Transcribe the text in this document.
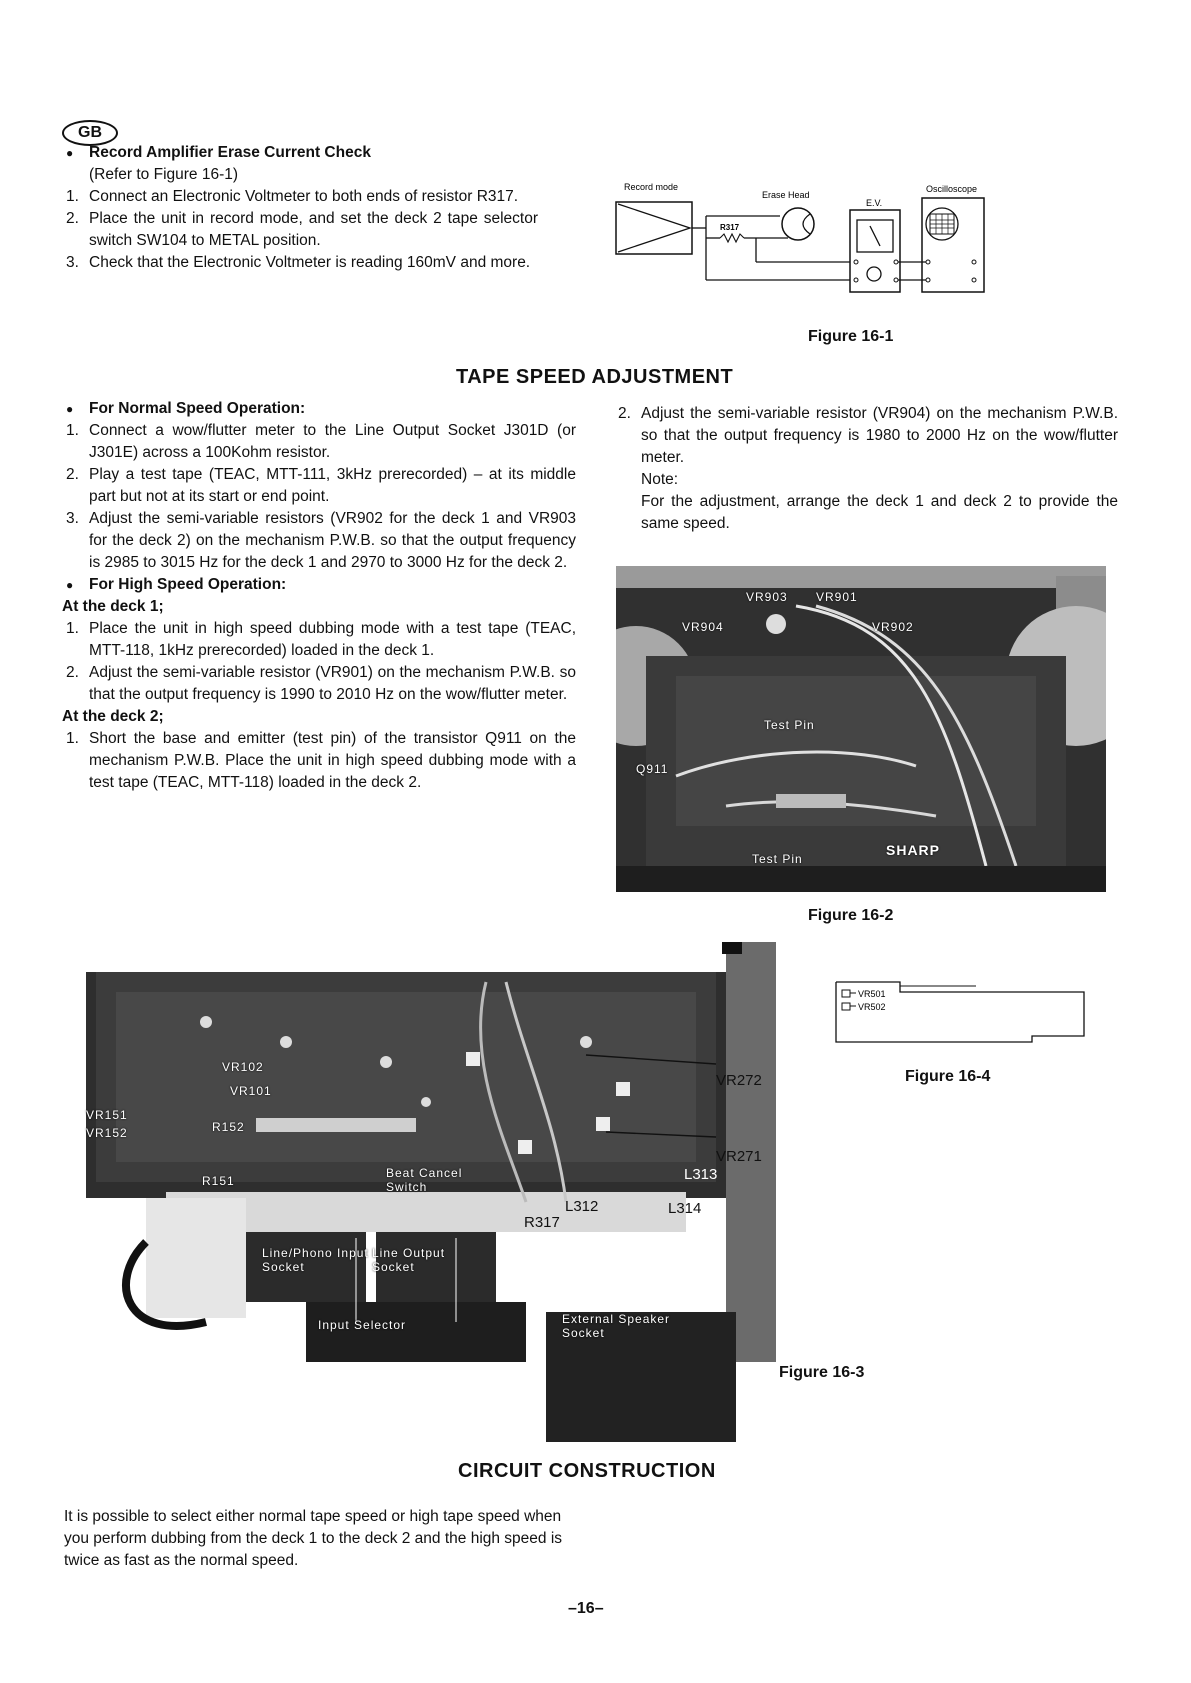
GB
● Record Amplifier Erase Current Check
(Refer to Figure 16-1)
1. Connect an Electronic Voltmeter to both ends of resistor R317.
2. Place the unit in record mode, and set the deck 2 tape selector switch SW104 to METAL position.
3. Check that the Electronic Voltmeter is reading 160mV and more.
Record mode
Erase Head
E.V.
Oscilloscope
R317
Figure 16-1
TAPE SPEED ADJUSTMENT
● For Normal Speed Operation:
1. Connect a wow/flutter meter to the Line Output Socket J301D (or J301E) across a 100Kohm resistor.
2. Play a test tape (TEAC, MTT-111, 3kHz prerecorded) – at its middle part but not at its start or end point.
3. Adjust the semi-variable resistors (VR902 for the deck 1 and VR903 for the deck 2) on the mechanism P.W.B. so that the output frequency is 2985 to 3015 Hz for the deck 1 and 2970 to 3000 Hz for the deck 2.
● For High Speed Operation:
At the deck 1;
1. Place the unit in high speed dubbing mode with a test tape (TEAC, MTT-118, 1kHz prerecorded) loaded in the deck 1.
2. Adjust the semi-variable resistor (VR901) on the mechanism P.W.B. so that the output frequency is 1990 to 2010 Hz on the wow/flutter meter.
At the deck 2;
1. Short the base and emitter (test pin) of the transistor Q911 on the mechanism P.W.B. Place the unit in high speed dubbing mode with a test tape (TEAC, MTT-118) loaded in the deck 2.
2. Adjust the semi-variable resistor (VR904) on the mechanism P.W.B. so that the output frequency is 1980 to 2000 Hz on the wow/flutter meter.
Note:
For the adjustment, arrange the deck 1 and deck 2 to provide the same speed.
VR903 VR901
VR904	VR902
Test Pin
Q911
Test Pin
SHARP
Figure 16-2
VR501
VR502
Figure 16-4
VR102
VR101
VR151
VR152	R152
R151
Beat Cancel Switch
Line/Phono Input Socket
Line Output Socket
Input Selector	External Speaker Socket
L312
R317
L313
L314
VR272
VR271
Figure 16-3
CIRCUIT CONSTRUCTION
It is possible to select either normal tape speed or high tape speed when you perform dubbing from the deck 1 to the deck 2 and the high speed is twice as fast as the normal speed.
–16–
